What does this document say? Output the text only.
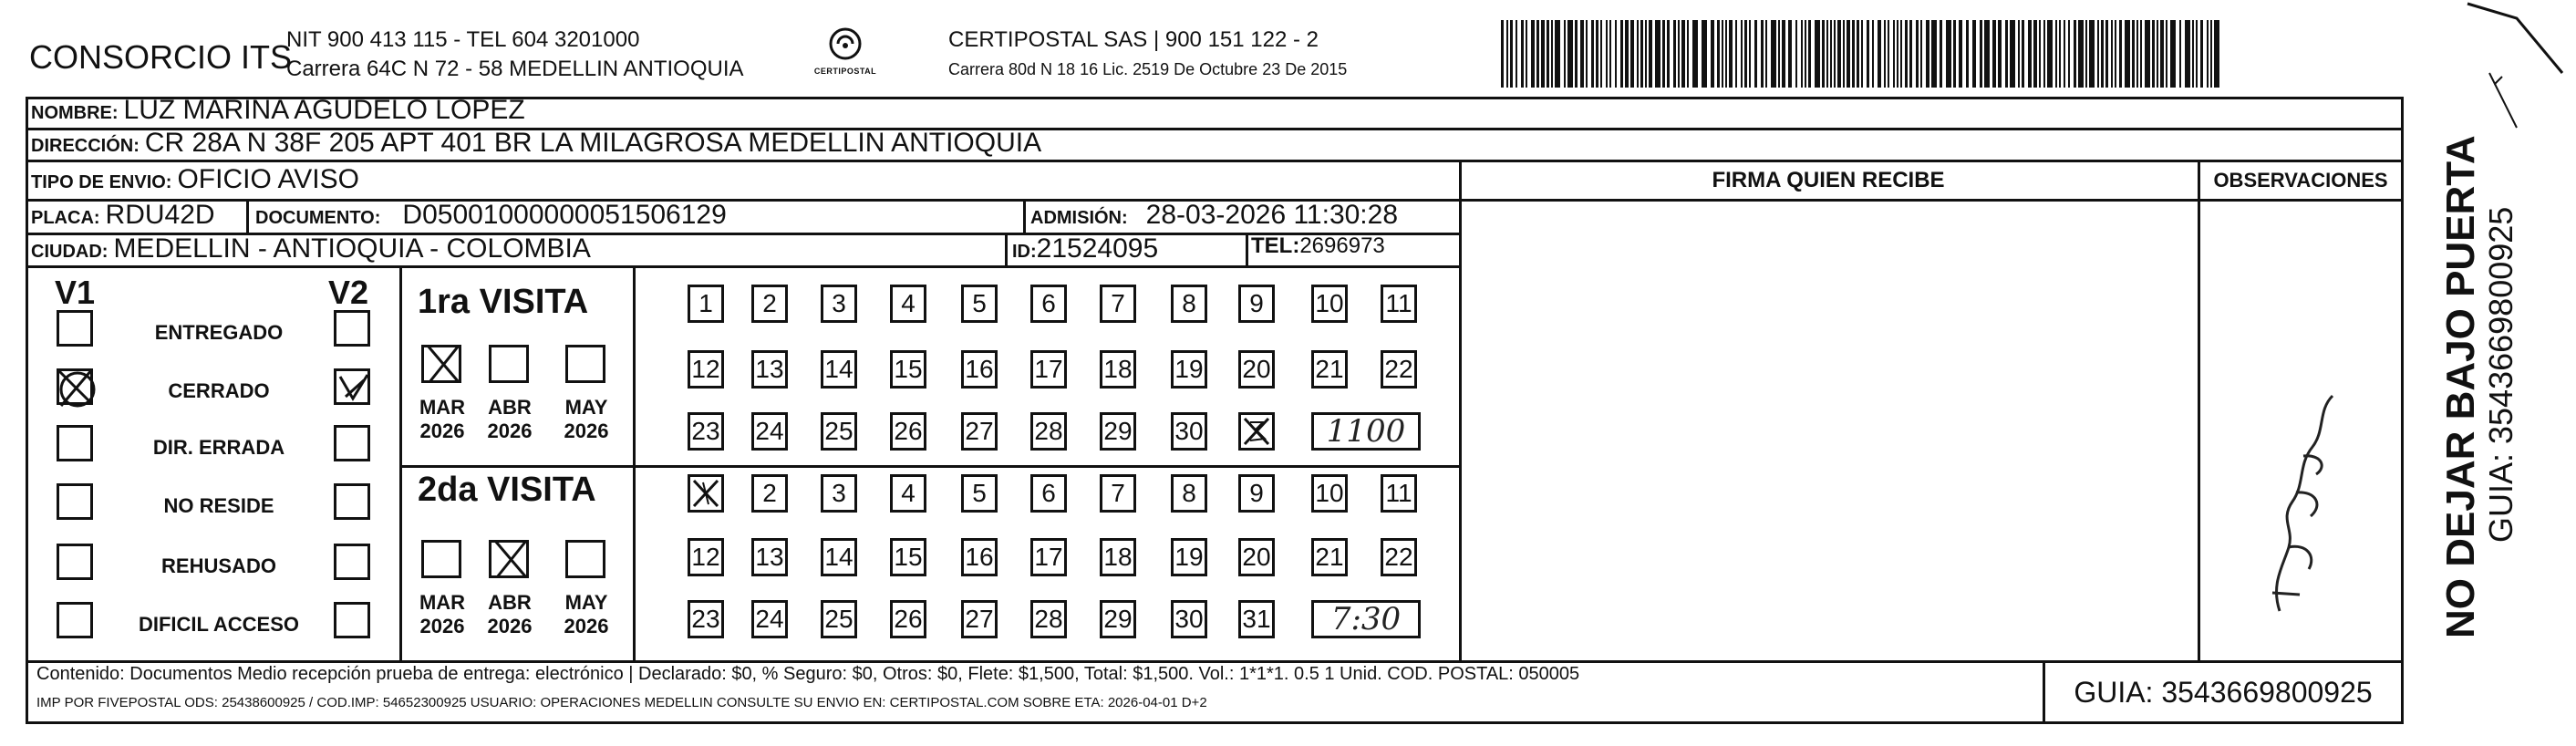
CONSORCIO ITS
NIT 900 413 115 - TEL 604 3201000
Carrera 64C N 72 - 58 MEDELLIN ANTIOQUIA	CERTIPOSTAL
CERTIPOSTAL SAS | 900 151 122 - 2
Carrera 80d N 18 16 Lic. 2519 De Octubre 23 De 2015
NOMBRE: LUZ MARINA AGUDELO LOPEZ
DIRECCIÓN: CR 28A N 38F 205 APT 401 BR LA MILAGROSA MEDELLIN ANTIOQUIA
TIPO DE ENVIO: OFICIO AVISO	FIRMA QUIEN RECIBE	OBSERVACIONES
PLACA: RDU42D DOCUMENTO: D05001000000051506129	ADMISIÓN: 28-03-2026 11:30:28
CIUDAD: MEDELLIN - ANTIOQUIA - COLOMBIA	ID: 21524095	TEL: 2696973
V1	V2
ENTREGADO
CERRADO
DIR. ERRADA
NO RESIDE
REHUSADO
DIFICIL ACCESO
1ra VISITA
2da VISITA
1	2	3	4	5	6	7	8	9	10 11
12 13 14 15 16 17 18 19 20 21 22
23 24 25 26 27 28 29 30	1100
MAR
2026
ABR
2026
MAY
2026
2	3	4	5	6	7	8	9	10 11
12 13 14 15 16 17 18 19 20 21 22
23 24 25 26 27 28 29 30 31	7:30
MAR
2026
ABR
2026
MAY
2026
Contenido: Documentos Medio recepción prueba de entrega: electrónico | Declarado: $0, % Seguro: $0, Otros: $0, Flete: $1,500, Total: $1,500. Vol.: 1*1*1. 0.5 1 Unid. COD. POSTAL: 050005
IMP POR FIVEPOSTAL ODS: 25438600925 / COD.IMP: 54652300925 USUARIO: OPERACIONES MEDELLIN CONSULTE SU ENVIO EN: CERTIPOSTAL.COM SOBRE ETA: 2026-04-01 D+2	GUIA: 3543669800925
NO DEJAR BAJO PUERTA GUIA: 3543669800925
